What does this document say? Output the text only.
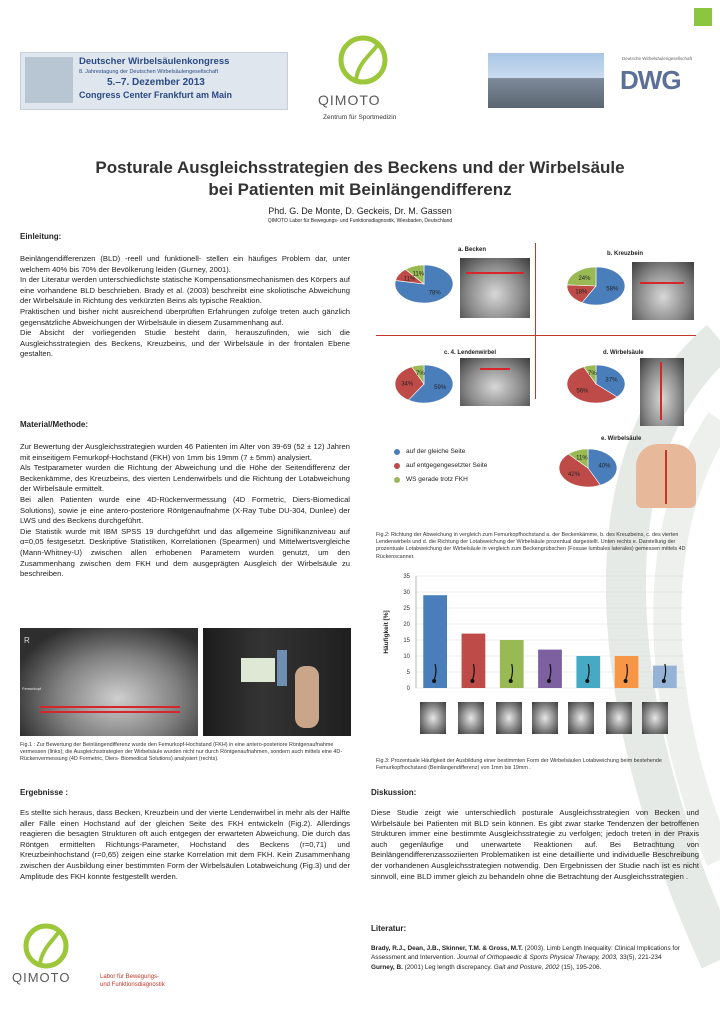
Deutscher Wirbelsäulenkongress
8. Jahrestagung der Deutschen Wirbelsäulengesellschaft
5.–7. Dezember 2013
Congress Center Frankfurt am Main	QIMOTO
Zentrum für Sportmedizin
Deutsche Wirbelsäulengesellschaft
DWG
Posturale Ausgleichsstrategien des Beckens und der Wirbelsäule
bei Patienten mit Beinlängendifferenz
Phd. G. De Monte, D. Geckeis, Dr. M. Gassen
QIMOTO Labor für Bewegungs- und Funktionsdiagnostik, Wiesbaden, Deutschland
Einleitung:

Beinlängendifferenzen (BLD) -reell und funktionell- stellen ein häufiges Problem dar, unter welchem 40% bis 70% der Bevölkerung leiden (Gurney, 2001).

In der Literatur werden unterschiedlichste statische Kompensationsmechanismen des Körpers auf eine vorhandene BLD beschrieben. Brady et al. (2003) beschreibt eine skoliotische Abweichung der Wirbelsäule in Richtung des verkürzten Beins als typische Reaktion.

Praktischen und bisher nicht ausreichend überprüften Erfahrungen zufolge treten auch gänzlich gegensätzliche Abweichungen der Wirbelsäule in diesem Zusammenhang auf.

Die Absicht der vorliegenden Studie besteht darin, herauszufinden, wie sich die Ausgleichsstrategien des Beckens, Kreuzbeins, und der Wirbelsäule in der frontalen Ebene gestalten.

Material/Methode:

Zur Bewertung der Ausgleichsstrategien wurden 46 Patienten im Alter von 39-69 (52 ± 12) Jahren mit einseitigem Femurkopf-Hochstand (FKH) von 1mm bis 19mm (7 ± 5mm) analysiert.

Als Testparameter wurden die Richtung der Abweichung und die Höhe der Seitendifferenz der Beckenkämme, des Kreuzbeins, des vierten Lendenwirbels und die Richtung der Lotabweichung der Wirbelsäule ermittelt.

Bei allen Patienten wurde eine 4D-Rückenvermessung (4D Formetric, Diers-Biomedical Solutions), sowie je eine antero-posteriore Röntgenaufnahme (X-Ray Tube DU-304, Dunlee) der LWS und des Beckens durchgeführt.

Die Statistik wurde mit IBM SPSS 19 durchgeführt und das allgemeine Signifikanzniveau auf α=0,05 festgesetzt. Deskriptive Statistiken, Korrelationen (Spearmen) und Mittelwertsvergleiche (Mann-Whitney-U) zwischen allen erhobenen Parametern wurden genutzt, um den Zusammenhang zwischen dem FKH und dem ausgeprägten Ausgleich der Wirbelsäule zu beschreiben.

R
Femurkopf
Fig.1 : Zur Bewertung der Beinlängendifferenz wurde den Femurkopf-Hochstand (FKH) in eine antero-posteriore Röntgenaufnahme vermessen (links); die Ausgleichsstrategien der Wirbelsäule wurden nicht nur durch Röntgenaufnahmen, sondern auch mittels eine 4D-Rückenvermessung (4D Formetric, Diers- Biomedical Solutions) analysiert (rechts).
Ergebnisse :
Es stellte sich heraus, dass Becken, Kreuzbein und der vierte Lendenwirbel in mehr als der Hälfte aller Fälle einen Hochstand auf der gleichen Seite des FKH entwickeln (Fig.2). Allerdings reagieren die besagten Strukturen oft auch entgegen der erwarteten Abweichung. Die durch das Röntgen ermittelten Richtungs-Parameter, Hochstand des Beckens (r=0,71) und Kreuzbeinhochstand (r=0,65) zeigen eine starke Korrelation mit dem FKH. Kein Zusammenhang zwischen der Ausbildung einer bestimmten Form der Wirbelsäulen Lotabweichung (Fig.3) und der Amplitude des FKH konnte festgestellt werden.
QIMOTO	Labor für Bewegungs-
und Funktionsdiagnostik
a. Becken
b. Kreuzbein
c. 4. Lendenwirbel	d. Wirbelsäule
e. Wirbelsäule
78%
11%
11%
58%
18%
24%
59%
34%
7%
37%
56%
7%
40%
42%
11%
auf der gleiche Seite
auf entgegengesetzter Seite
WS gerade trotz FKH
Fig.2: Richtung der Abweichung in vergleich zum Femurkopfhochstand a. der Beckenkämme, b. des Kreuzbeins, c. des vierten Lendenwirbels und d. die Richtung der Lotabweichung der Wirbelsäule prozentual dargestellt. Unten rechts e. Darstellung der prozentuale Lotabweichung der Wirbelsäule in vergleich zum Beckengrübschen (Fossae lumbales laterales) gemessen mittels 4D Rückenscanner.
0
5
10
15
20
25
30
35
Häufigkeit [%]
Fig.3: Prozentuale Häufigkeit der Ausbildung einer bestimmten Form der Wirbelsäulen Lotabweichung beim bestehende Femurkopfhochstand (Beinlängendifferenz) von 1mm bis 19mm .
Diskussion:
Diese Studie zeigt wie unterschiedlich posturale Ausgleichsstrategien von Becken und Wirbelsäule bei Patienten mit BLD sein können. Es gibt zwar starke Tendenzen der betroffenen Strukturen immer eine bestimmte Ausgleichsstrategie zu verfolgen; jedoch treten in der Praxis auch gegenläufige und unerwartete Reaktionen auf. Bei Betrachtung von Beinlängendifferenzassoziierten Problematiken ist eine detaillierte und individuelle Beschreibung der vorhandenen Ausgleichsstrategien notwendig. Den Ergebnissen der Studie nach ist es nicht sinnvoll, eine BLD immer gleich zu behandeln ohne die Betrachtung der Ausgleichsstrategien .
Literatur:

Brady, R.J., Dean, J.B., Skinner, T.M. & Gross, M.T. (2003). Limb Length Inequality: Clinical Implications for Assessment and Intervention. Journal of Orthopaedic & Sports Physical Therapy, 2003, 33(5), 221-234

Gurney, B. (2001) Leg length discrepancy. Gait and Posture, 2002 (15), 195-206.
